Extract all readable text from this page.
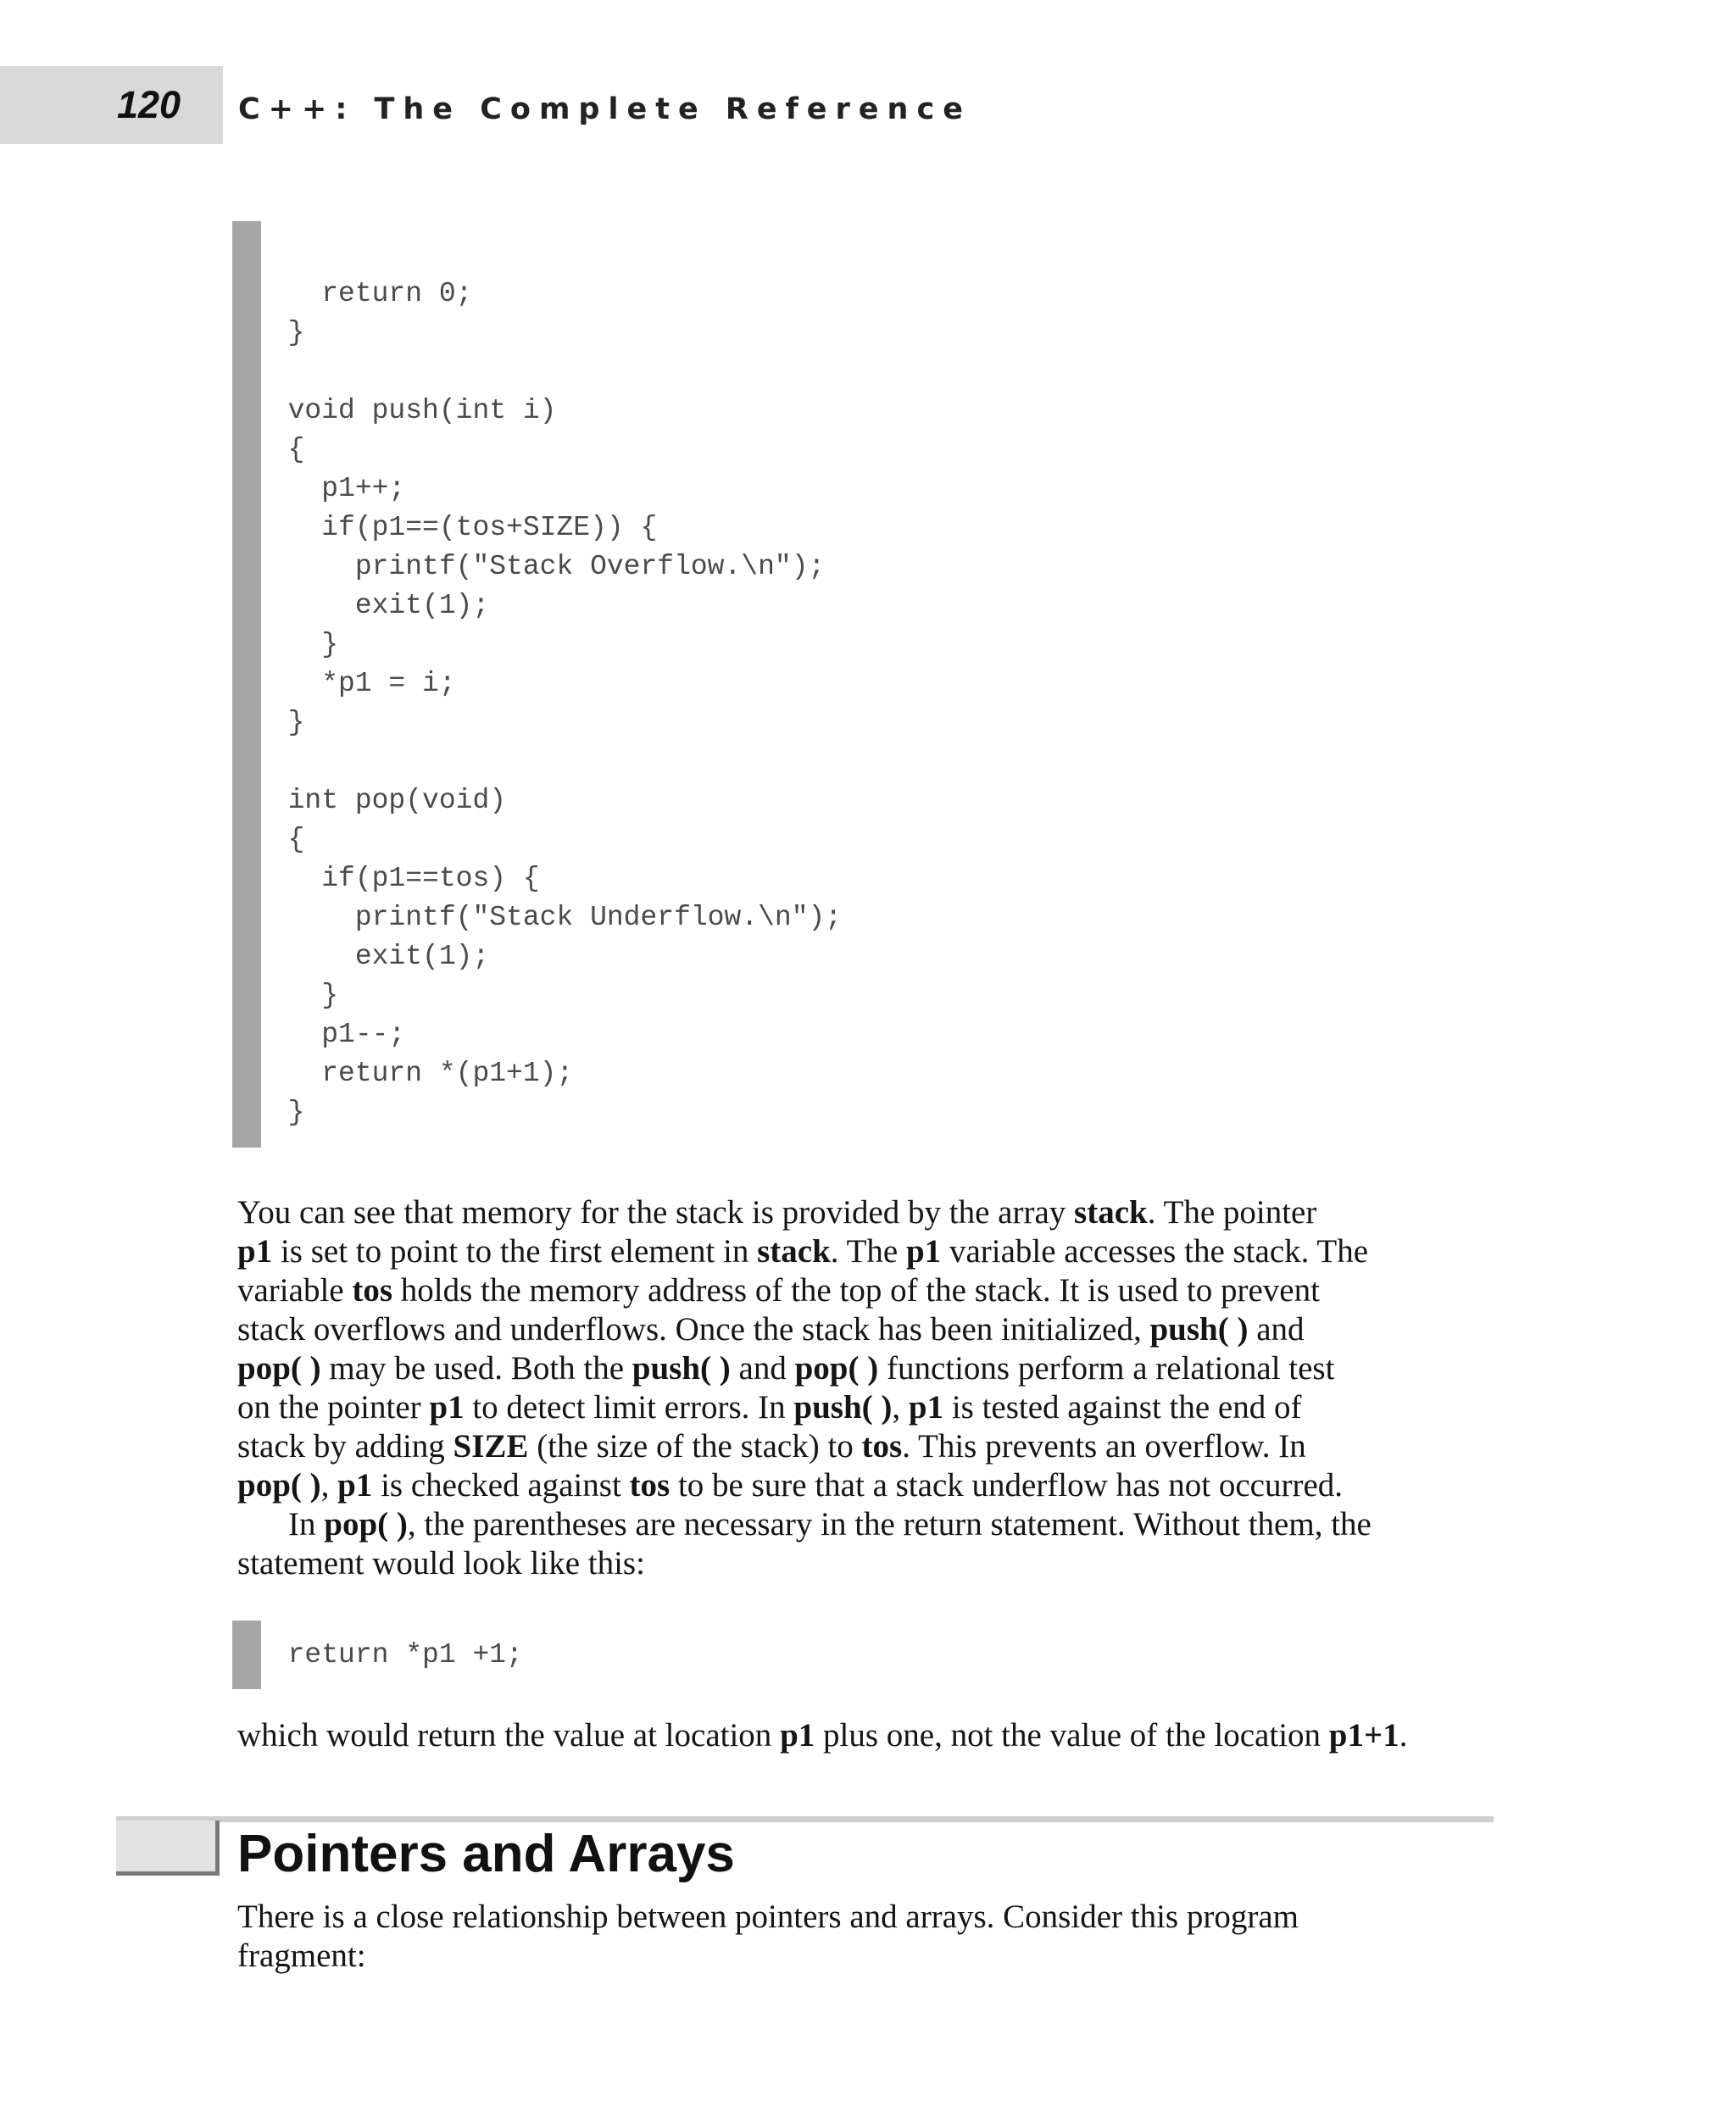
120 C++: The Complete Reference
return 0;
}

void push(int i)
{
p1++;
if(p1==(tos+SIZE)) {
printf("Stack Overflow.\n");
exit(1);
}
*p1 = i;
}

int pop(void)
{
if(p1==tos) {
printf("Stack Underflow.\n");
exit(1);
}
p1--;
return *(p1+1);
}
You can see that memory for the stack is provided by the array stack. The pointer
p1 is set to point to the first element in stack. The p1 variable accesses the stack. The
variable tos holds the memory address of the top of the stack. It is used to prevent
stack overflows and underflows. Once the stack has been initialized, push( ) and
pop( ) may be used. Both the push( ) and pop( ) functions perform a relational test
on the pointer p1 to detect limit errors. In push( ), p1 is tested against the end of
stack by adding SIZE (the size of the stack) to tos. This prevents an overflow. In
pop( ), p1 is checked against tos to be sure that a stack underflow has not occurred.
In pop( ), the parentheses are necessary in the return statement. Without them, the
statement would look like this:
return *p1 +1;
which would return the value at location p1 plus one, not the value of the location p1+1.
Pointers and Arrays
There is a close relationship between pointers and arrays. Consider this program
fragment:
